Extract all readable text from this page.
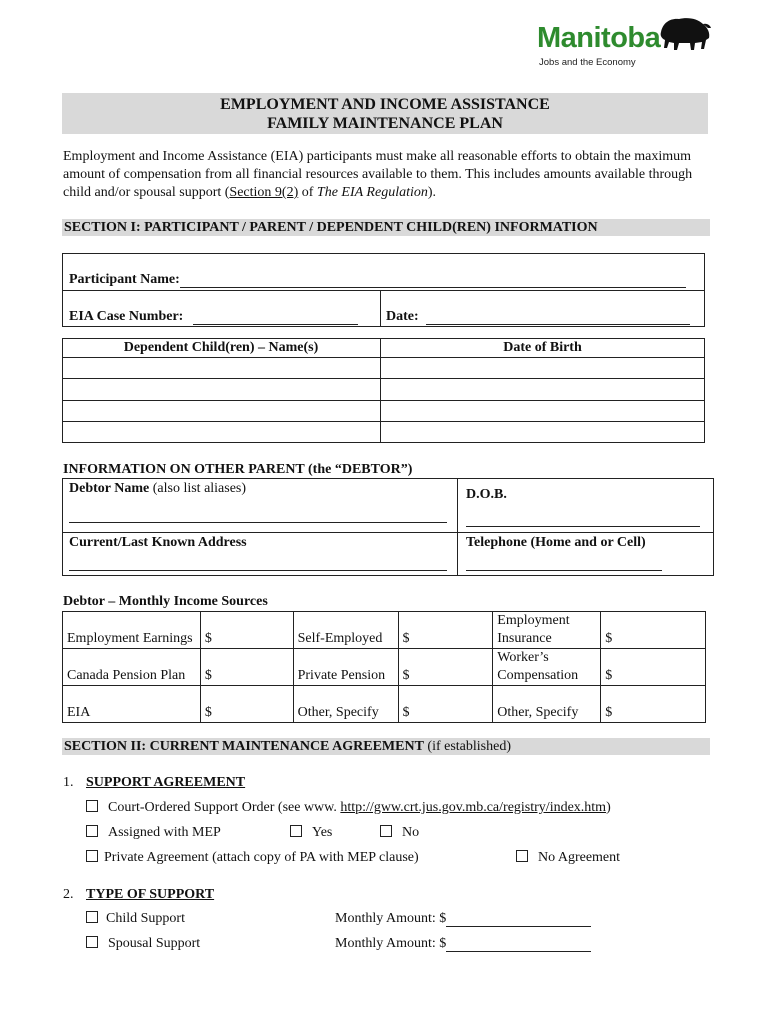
Manitoba
Jobs and the Economy
EMPLOYMENT AND INCOME ASSISTANCE
FAMILY MAINTENANCE PLAN
Employment and Income Assistance (EIA) participants must make all reasonable efforts to obtain the maximum amount of compensation from all financial resources available to them. This includes amounts available through child and/or spousal support (Section 9(2) of The EIA Regulation).
SECTION I: PARTICIPANT / PARENT / DEPENDENT CHILD(REN) INFORMATION
Participant Name:
EIA Case Number:	Date:
Dependent Child(ren) – Name(s)	Date of Birth
INFORMATION ON OTHER PARENT (the “DEBTOR”)
Debtor Name (also list aliases)	D.O.B.
Current/Last Known Address	Telephone (Home and or Cell)
Debtor – Monthly Income Sources
Employment Earnings	$	Self-Employed	$	Employment Insurance	$
Canada Pension Plan	$	Private Pension	$	Worker’s Compensation	$
EIA	$	Other, Specify	$	Other, Specify	$
SECTION II: CURRENT MAINTENANCE AGREEMENT (if established)
1. SUPPORT AGREEMENT
Court-Ordered Support Order (see www. http://gww.crt.jus.gov.mb.ca/registry/index.htm)
Assigned with MEP	Yes	No
Private Agreement (attach copy of PA with MEP clause)	No Agreement
2. TYPE OF SUPPORT
Child Support	Monthly Amount: $
Spousal Support	Monthly Amount: $
